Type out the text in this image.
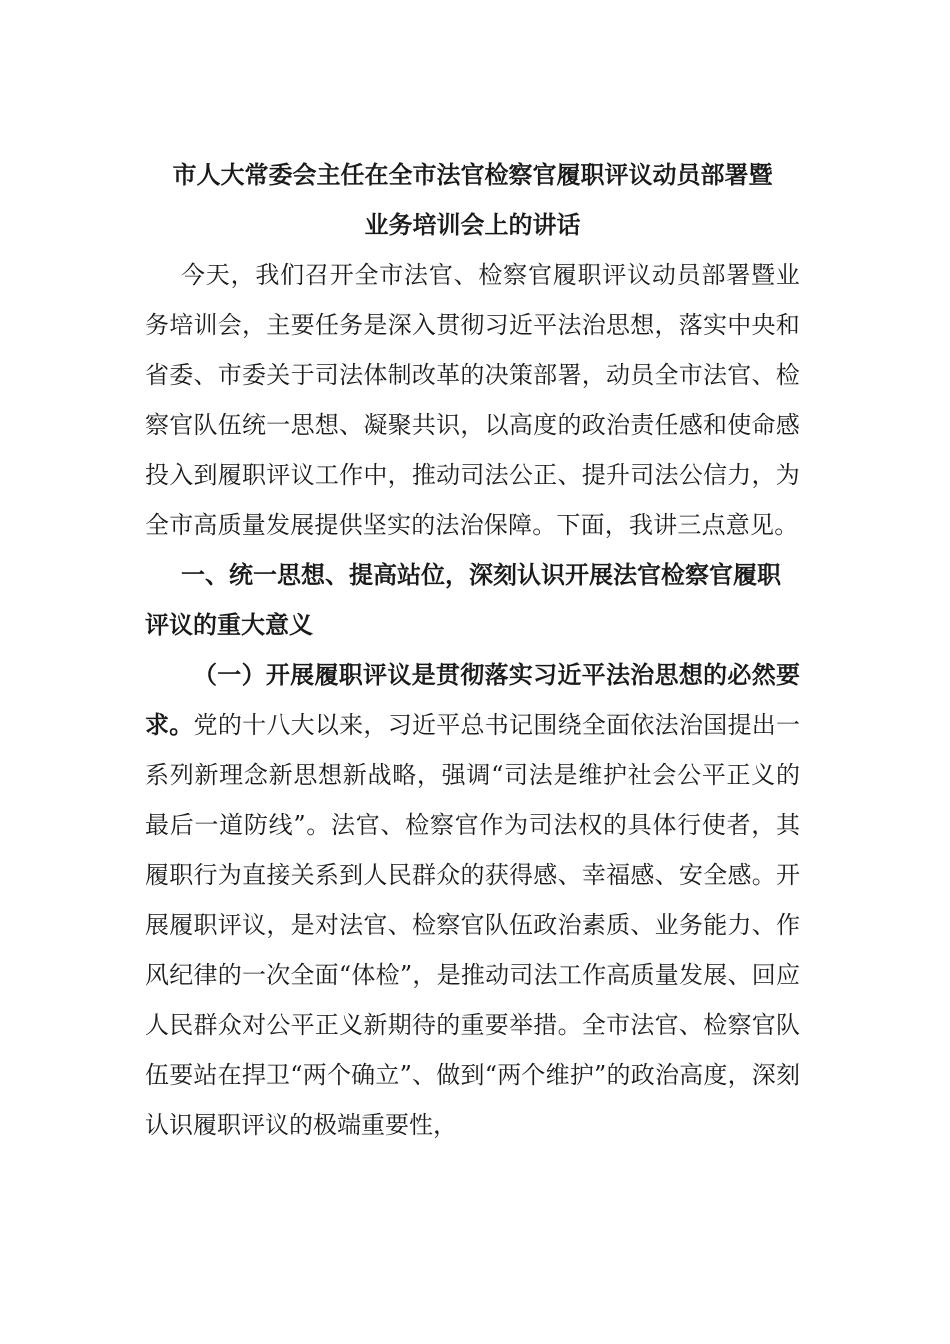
市人大常委会主任在全市法官检察官履职评议动员部署暨
业务培训会上的讲话

今天，我们召开全市法官、检察官履职评议动员部署暨业务培训会，主要任务是深入贯彻习近平法治思想，落实中央和省委、市委关于司法体制改革的决策部署，动员全市法官、检察官队伍统一思想、凝聚共识，以高度的政治责任感和使命感投入到履职评议工作中，推动司法公正、提升司法公信力，为全市高质量发展提供坚实的法治保障。下面，我讲三点意见。

一、统一思想、提高站位，深刻认识开展法官检察官履职评议的重大意义

（一）开展履职评议是贯彻落实习近平法治思想的必然要求。党的十八大以来，习近平总书记围绕全面依法治国提出一系列新理念新思想新战略，强调“司法是维护社会公平正义的最后一道防线”。法官、检察官作为司法权的具体行使者，其履职行为直接关系到人民群众的获得感、幸福感、安全感。开展履职评议，是对法官、检察官队伍政治素质、业务能力、作风纪律的一次全面“体检”，是推动司法工作高质量发展、回应人民群众对公平正义新期待的重要举措。全市法官、检察官队伍要站在捍卫“两个确立”、做到“两个维护”的政治高度，深刻认识履职评议的极端重要性，
